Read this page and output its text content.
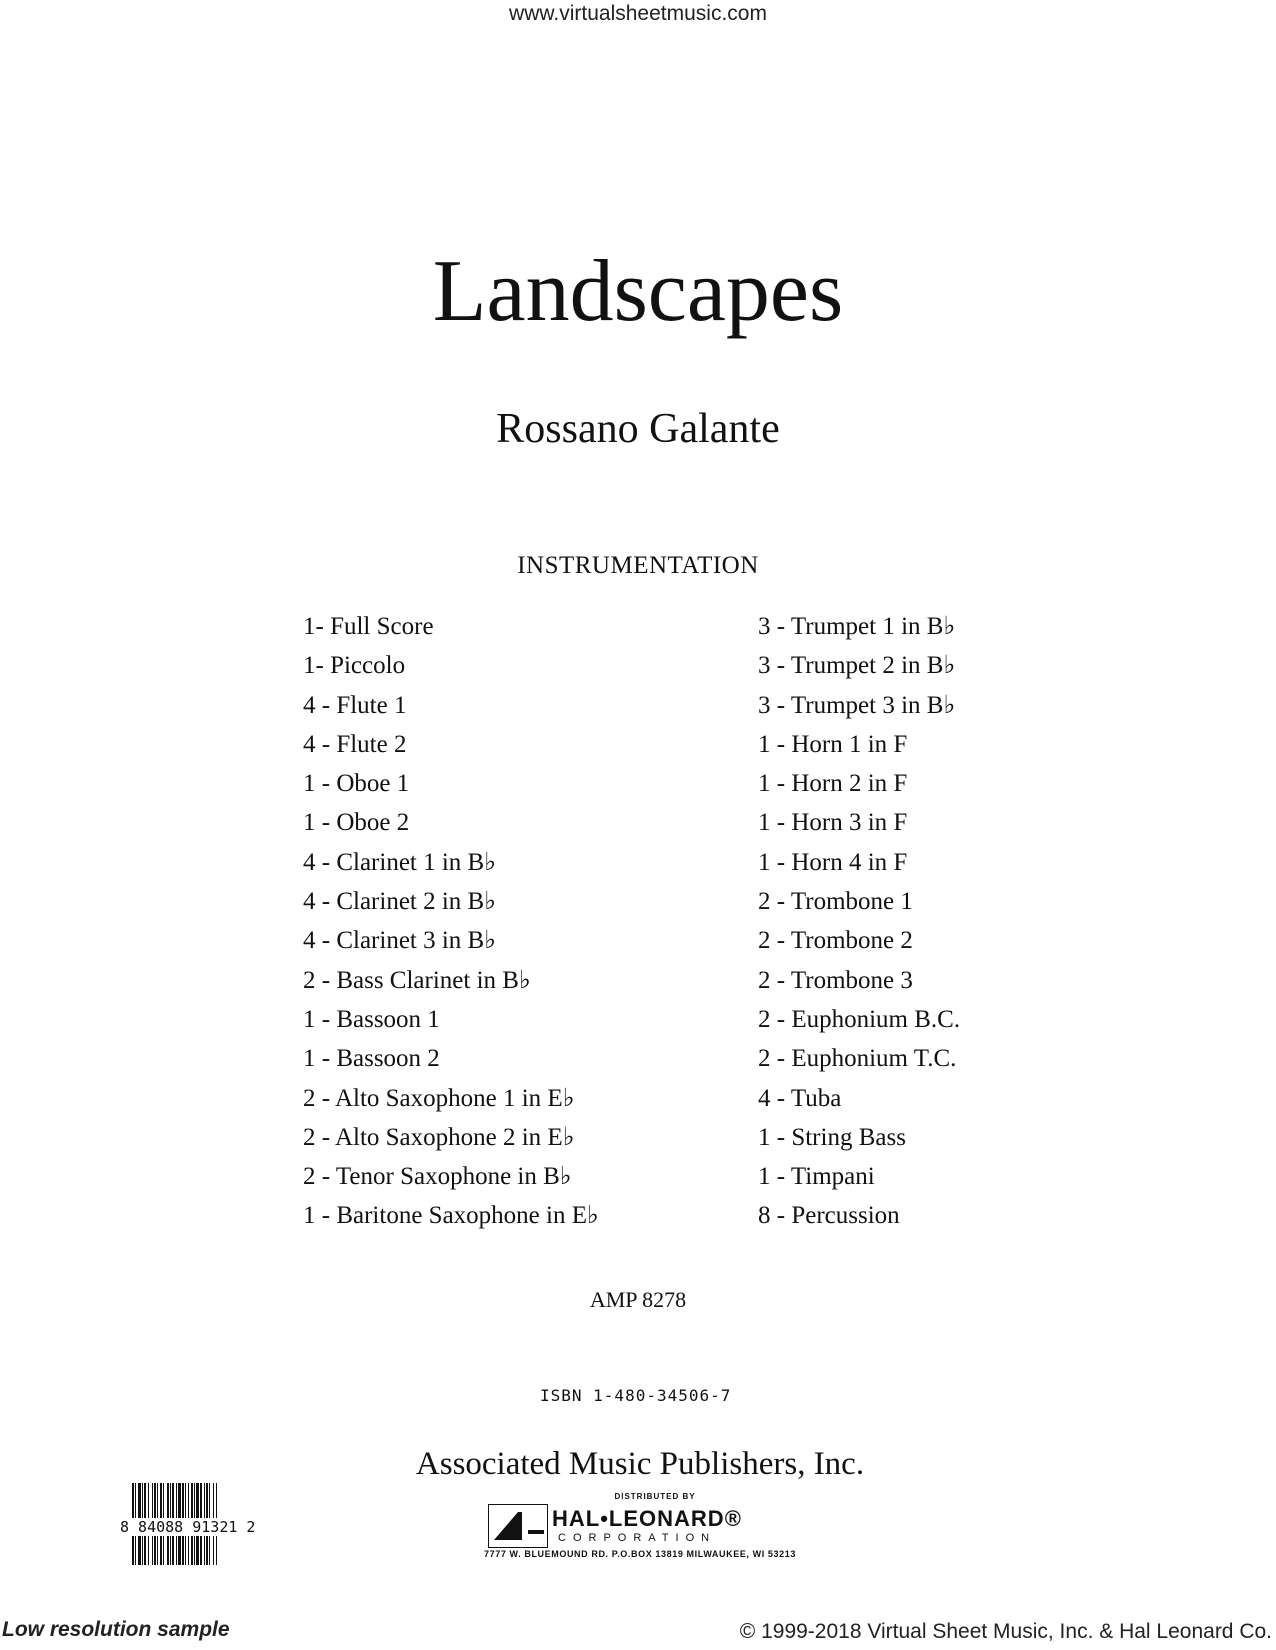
www.virtualsheetmusic.com
Landscapes
Rossano Galante
INSTRUMENTATION
1- Full Score
1- Piccolo
4 - Flute 1
4 - Flute 2
1 - Oboe 1
1 - Oboe 2
4 - Clarinet 1 in B♭
4 - Clarinet 2 in B♭
4 - Clarinet 3 in B♭
2 - Bass Clarinet in B♭
1 - Bassoon 1
1 - Bassoon 2
2 - Alto Saxophone 1 in E♭
2 - Alto Saxophone 2 in E♭
2 - Tenor Saxophone in B♭
1 - Baritone Saxophone in E♭
3 - Trumpet 1 in B♭
3 - Trumpet 2 in B♭
3 - Trumpet 3 in B♭
1 - Horn 1 in F
1 - Horn 2 in F
1 - Horn 3 in F
1 - Horn 4 in F
2 - Trombone 1
2 - Trombone 2
2 - Trombone 3
2 - Euphonium B.C.
2 - Euphonium T.C.
4 - Tuba
1 - String Bass
1 - Timpani
8 - Percussion
AMP 8278
ISBN 1-480-34506-7
8 84088 91321 2
Associated Music Publishers, Inc.
DISTRIBUTED BY
HAL•LEONARD®
CORPORATION
7777 W. BLUEMOUND RD. P.O.BOX 13819 MILWAUKEE, WI 53213
Low resolution sample	© 1999-2018 Virtual Sheet Music, Inc. & Hal Leonard Co.
